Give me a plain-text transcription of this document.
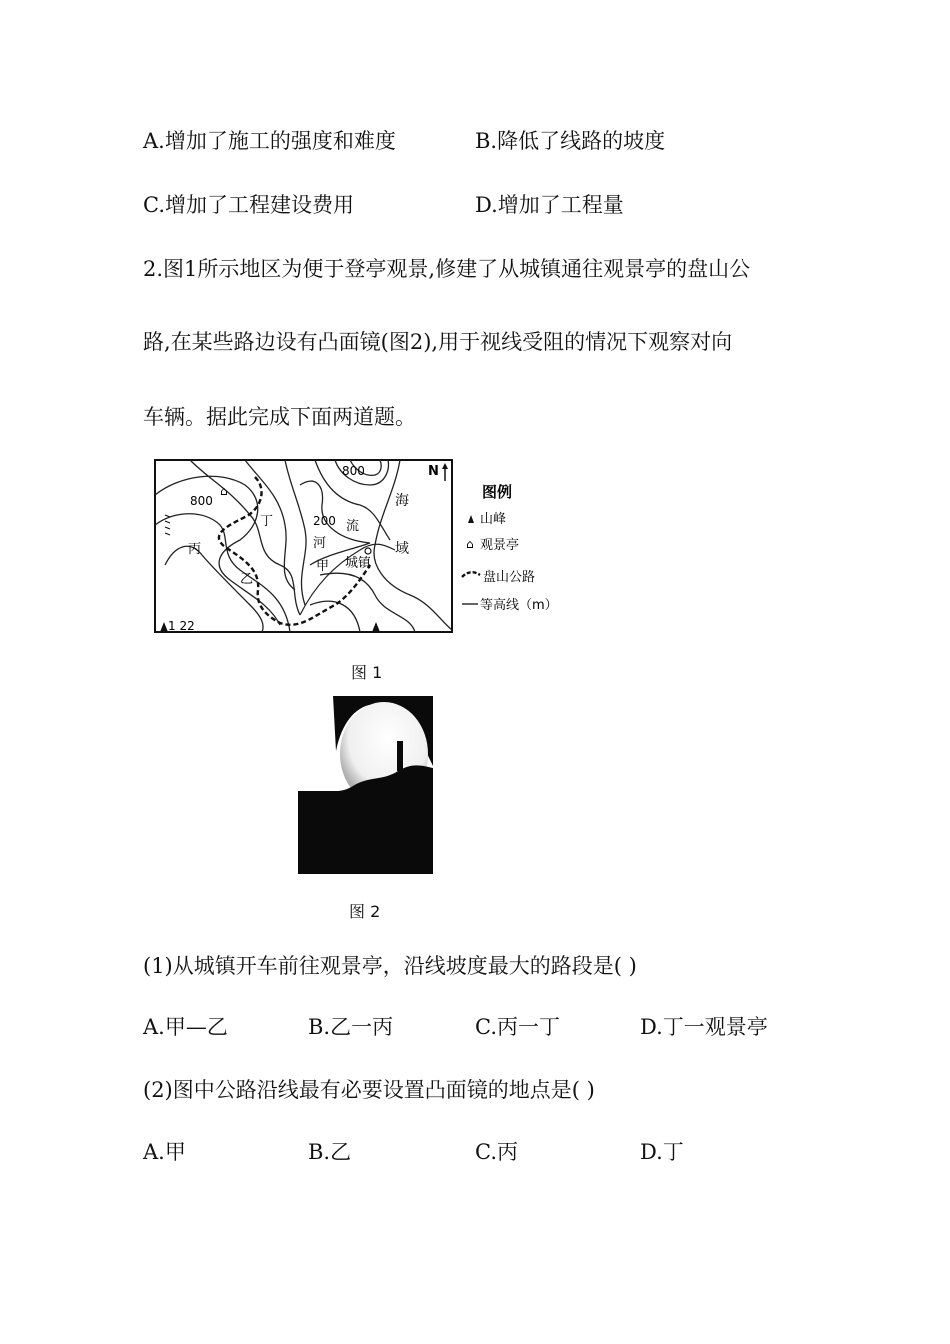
A.增加了施工的强度和难度	B.降低了线路的坡度
C.增加了工程建设费用	D.增加了工程量
2.图1所示地区为便于登亭观景,修建了从城镇通往观景亭的盘山公
路,在某些路边设有凸面镜(图2),用于视线受阻的情况下观察对向
车辆。据此完成下面两道题。
⌂
800
800
200
丁
丙
乙
甲
河
流
城镇
海
域
1 22
N
图例
山峰
⌂ 观景亭
盘山公路
等高线（m）
图 1
图 2
(1)从城镇开车前往观景亭，沿线坡度最大的路段是( )
A.甲—乙	B.乙一丙	C.丙一丁	D.丁一观景亭
(2)图中公路沿线最有必要设置凸面镜的地点是( )
A.甲	B.乙	C.丙	D.丁
